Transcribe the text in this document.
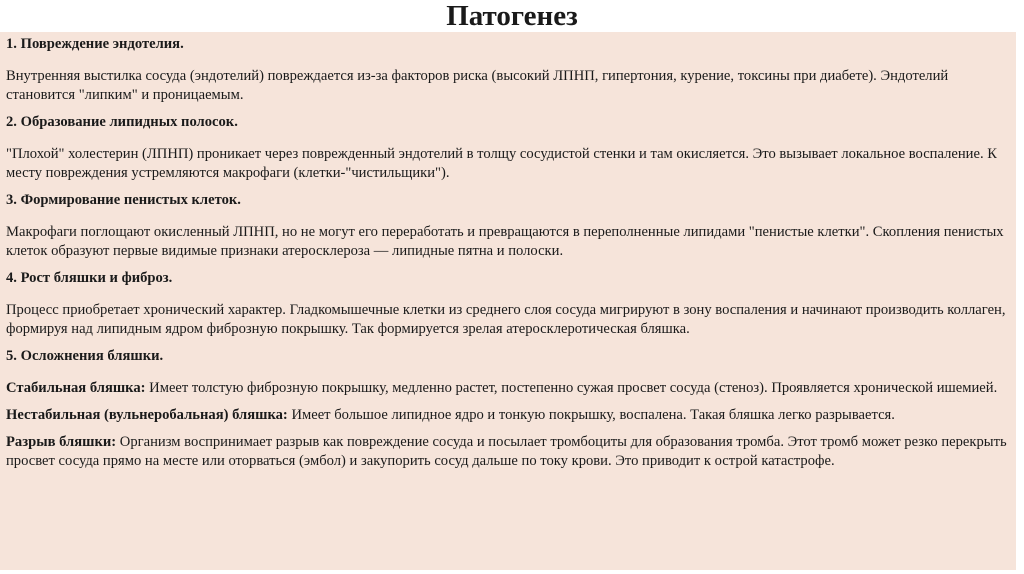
Патогенез

1. Повреждение эндотелия.

Внутренняя выстилка сосуда (эндотелий) повреждается из-за факторов риска (высокий ЛПНП, гипертония, курение, токсины при диабете). Эндотелий становится "липким" и проницаемым.

2. Образование липидных полосок.

"Плохой" холестерин (ЛПНП) проникает через поврежденный эндотелий в толщу сосудистой стенки и там окисляется. Это вызывает локальное воспаление. К месту повреждения устремляются макрофаги (клетки-"чистильщики").

3. Формирование пенистых клеток.

Макрофаги поглощают окисленный ЛПНП, но не могут его переработать и превращаются в переполненные липидами "пенистые клетки". Скопления пенистых клеток образуют первые видимые признаки атеросклероза — липидные пятна и полоски.

4. Рост бляшки и фиброз.

Процесс приобретает хронический характер. Гладкомышечные клетки из среднего слоя сосуда мигрируют в зону воспаления и начинают производить коллаген, формируя над липидным ядром фиброзную покрышку. Так формируется зрелая атеросклеротическая бляшка.

5. Осложнения бляшки.

Стабильная бляшка: Имеет толстую фиброзную покрышку, медленно растет, постепенно сужая просвет сосуда (стеноз). Проявляется хронической ишемией.

Нестабильная (вульнеробальная) бляшка: Имеет большое липидное ядро и тонкую покрышку, воспалена. Такая бляшка легко разрывается.

Разрыв бляшки: Организм воспринимает разрыв как повреждение сосуда и посылает тромбоциты для образования тромба. Этот тромб может резко перекрыть просвет сосуда прямо на месте или оторваться (эмбол) и закупорить сосуд дальше по току крови. Это приводит к острой катастрофе.
